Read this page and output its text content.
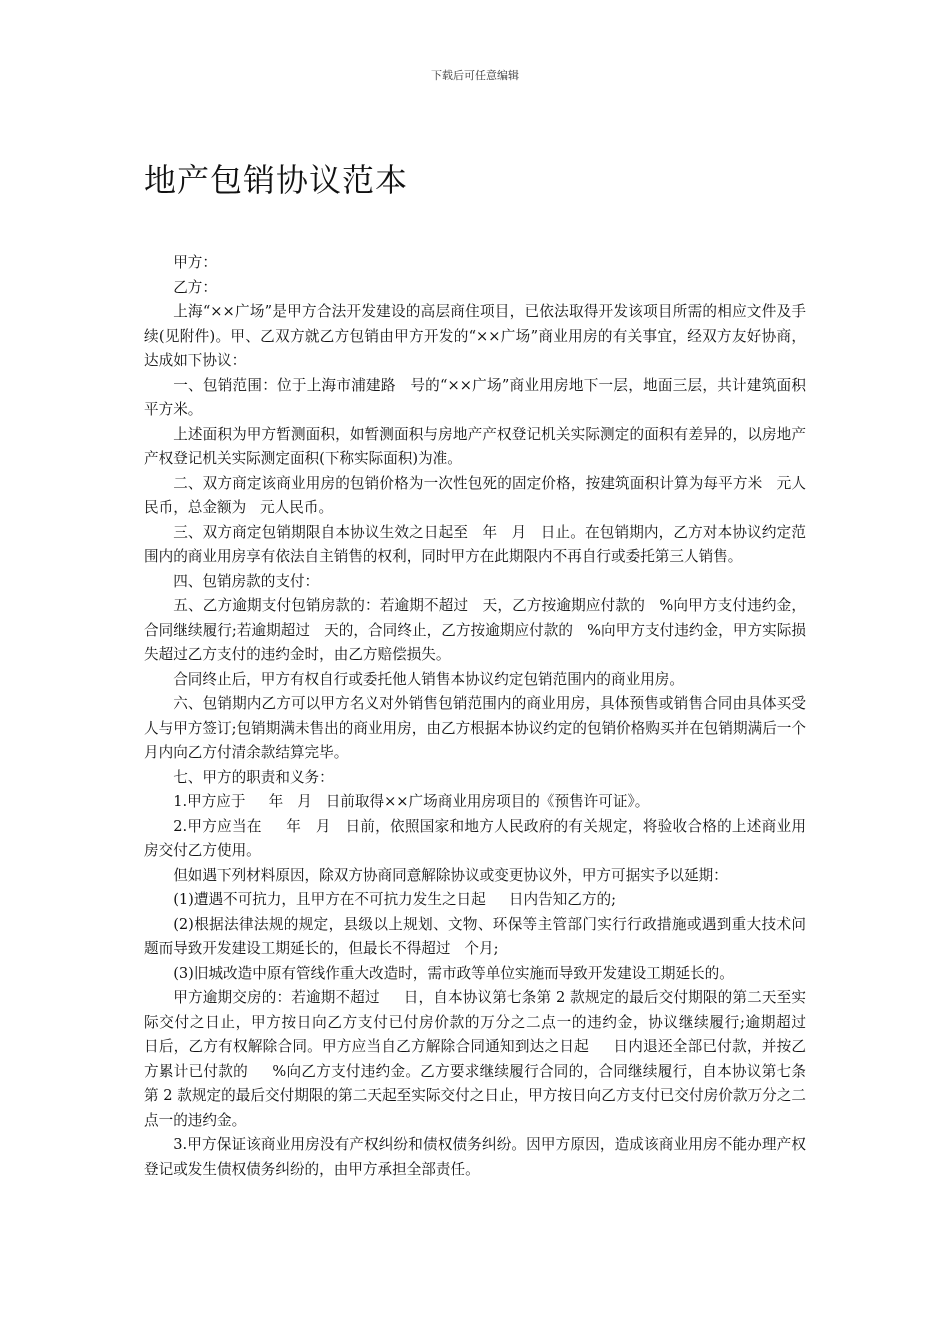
下载后可任意编辑
地产包销协议范本

甲方：

乙方：

上海“××广场”是甲方合法开发建设的高层商住项目，已依法取得开发该项目所需的相应文件及手续(见附件)。甲、乙双方就乙方包销由甲方开发的“××广场”商业用房的有关事宜，经双方友好协商，达成如下协议：

一、包销范围：位于上海市浦建路   号的“××广场”商业用房地下一层，地面三层，共计建筑面积   平方米。

上述面积为甲方暂测面积，如暂测面积与房地产产权登记机关实际测定的面积有差异的，以房地产产权登记机关实际测定面积(下称实际面积)为准。

二、双方商定该商业用房的包销价格为一次性包死的固定价格，按建筑面积计算为每平方米   元人民币，总金额为   元人民币。

三、双方商定包销期限自本协议生效之日起至   年   月   日止。在包销期内，乙方对本协议约定范围内的商业用房享有依法自主销售的权利，同时甲方在此期限内不再自行或委托第三人销售。

四、包销房款的支付：

五、乙方逾期支付包销房款的：若逾期不超过   天，乙方按逾期应付款的   %向甲方支付违约金，合同继续履行;若逾期超过   天的，合同终止，乙方按逾期应付款的   %向甲方支付违约金，甲方实际损失超过乙方支付的违约金时，由乙方赔偿损失。

合同终止后，甲方有权自行或委托他人销售本协议约定包销范围内的商业用房。

六、包销期内乙方可以甲方名义对外销售包销范围内的商业用房，具体预售或销售合同由具体买受人与甲方签订;包销期满未售出的商业用房，由乙方根据本协议约定的包销价格购买并在包销期满后一个月内向乙方付清余款结算完毕。

七、甲方的职责和义务：

1.甲方应于     年   月   日前取得××广场商业用房项目的《预售许可证》。

2.甲方应当在     年   月   日前，依照国家和地方人民政府的有关规定，将验收合格的上述商业用房交付乙方使用。

但如遇下列材料原因，除双方协商同意解除协议或变更协议外，甲方可据实予以延期：

(1)遭遇不可抗力，且甲方在不可抗力发生之日起     日内告知乙方的;

(2)根据法律法规的规定，县级以上规划、文物、环保等主管部门实行行政措施或遇到重大技术问题而导致开发建设工期延长的，但最长不得超过   个月;

(3)旧城改造中原有管线作重大改造时，需市政等单位实施而导致开发建设工期延长的。

甲方逾期交房的：若逾期不超过     日，自本协议第七条第 2 款规定的最后交付期限的第二天至实际交付之日止，甲方按日向乙方支付已付房价款的万分之二点一的违约金，协议继续履行;逾期超过     日后，乙方有权解除合同。甲方应当自乙方解除合同通知到达之日起     日内退还全部已付款，并按乙方累计已付款的     %向乙方支付违约金。乙方要求继续履行合同的，合同继续履行，自本协议第七条第 2 款规定的最后交付期限的第二天起至实际交付之日止，甲方按日向乙方支付已交付房价款万分之二点一的违约金。

3.甲方保证该商业用房没有产权纠纷和债权债务纠纷。因甲方原因，造成该商业用房不能办理产权登记或发生债权债务纠纷的，由甲方承担全部责任。
